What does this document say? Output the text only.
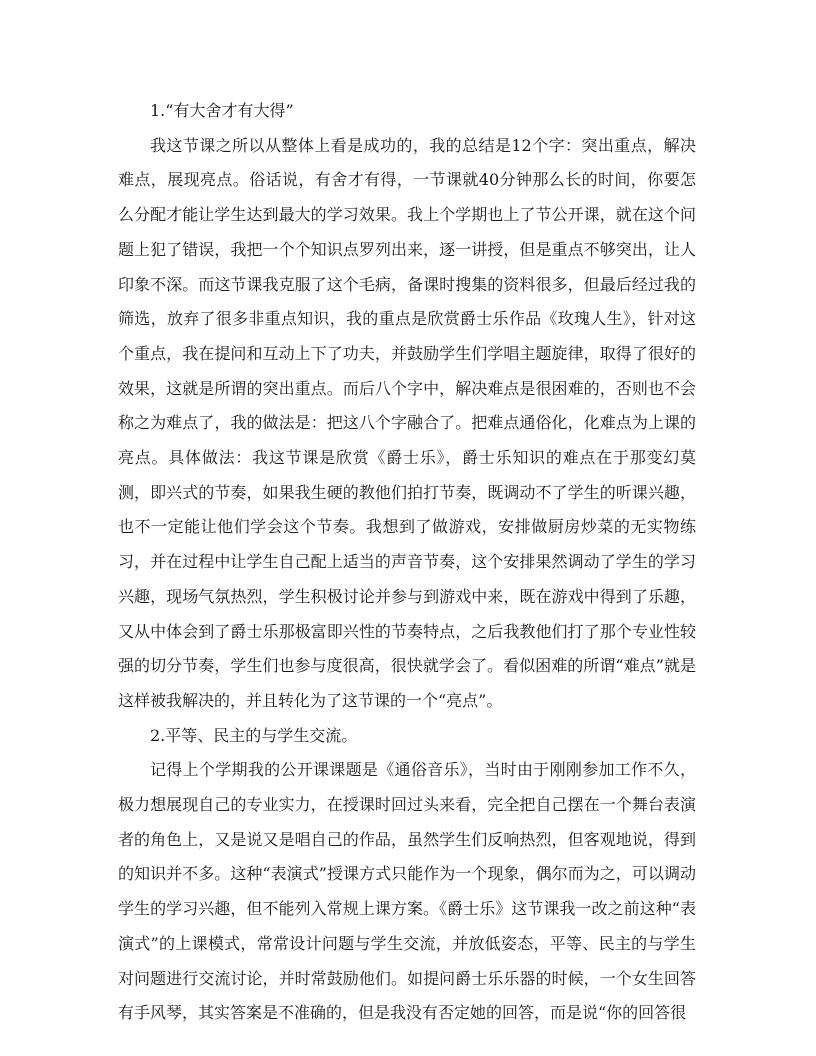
1.“有大舍才有大得”

我这节课之所以从整体上看是成功的，我的总结是12个字：突出重点，解决难点，展现亮点。俗话说，有舍才有得，一节课就40分钟那么长的时间，你要怎么分配才能让学生达到最大的学习效果。我上个学期也上了节公开课，就在这个问题上犯了错误，我把一个个知识点罗列出来，逐一讲授，但是重点不够突出，让人印象不深。而这节课我克服了这个毛病，备课时搜集的资料很多，但最后经过我的筛选，放弃了很多非重点知识，我的重点是欣赏爵士乐作品《玫瑰人生》，针对这个重点，我在提问和互动上下了功夫，并鼓励学生们学唱主题旋律，取得了很好的效果，这就是所谓的突出重点。而后八个字中，解决难点是很困难的，否则也不会称之为难点了，我的做法是：把这八个字融合了。把难点通俗化，化难点为上课的亮点。具体做法：我这节课是欣赏《爵士乐》，爵士乐知识的难点在于那变幻莫测，即兴式的节奏，如果我生硬的教他们拍打节奏，既调动不了学生的听课兴趣，也不一定能让他们学会这个节奏。我想到了做游戏，安排做厨房炒菜的无实物练习，并在过程中让学生自己配上适当的声音节奏，这个安排果然调动了学生的学习兴趣，现场气氛热烈，学生积极讨论并参与到游戏中来，既在游戏中得到了乐趣，又从中体会到了爵士乐那极富即兴性的节奏特点，之后我教他们打了那个专业性较强的切分节奏，学生们也参与度很高，很快就学会了。看似困难的所谓“难点”就是这样被我解决的，并且转化为了这节课的一个“亮点”。

2.平等、民主的与学生交流。

记得上个学期我的公开课课题是《通俗音乐》，当时由于刚刚参加工作不久，极力想展现自己的专业实力，在授课时回过头来看，完全把自己摆在一个舞台表演者的角色上，又是说又是唱自己的作品，虽然学生们反响热烈，但客观地说，得到的知识并不多。这种“表演式”授课方式只能作为一个现象，偶尔而为之，可以调动学生的学习兴趣，但不能列入常规上课方案。《爵士乐》这节课我一改之前这种“表演式”的上课模式，常常设计问题与学生交流，并放低姿态，平等、民主的与学生对问题进行交流讨论，并时常鼓励他们。如提问爵士乐乐器的时候，一个女生回答有手风琴，其实答案是不准确的，但是我没有否定她的回答，而是说“你的回答很
